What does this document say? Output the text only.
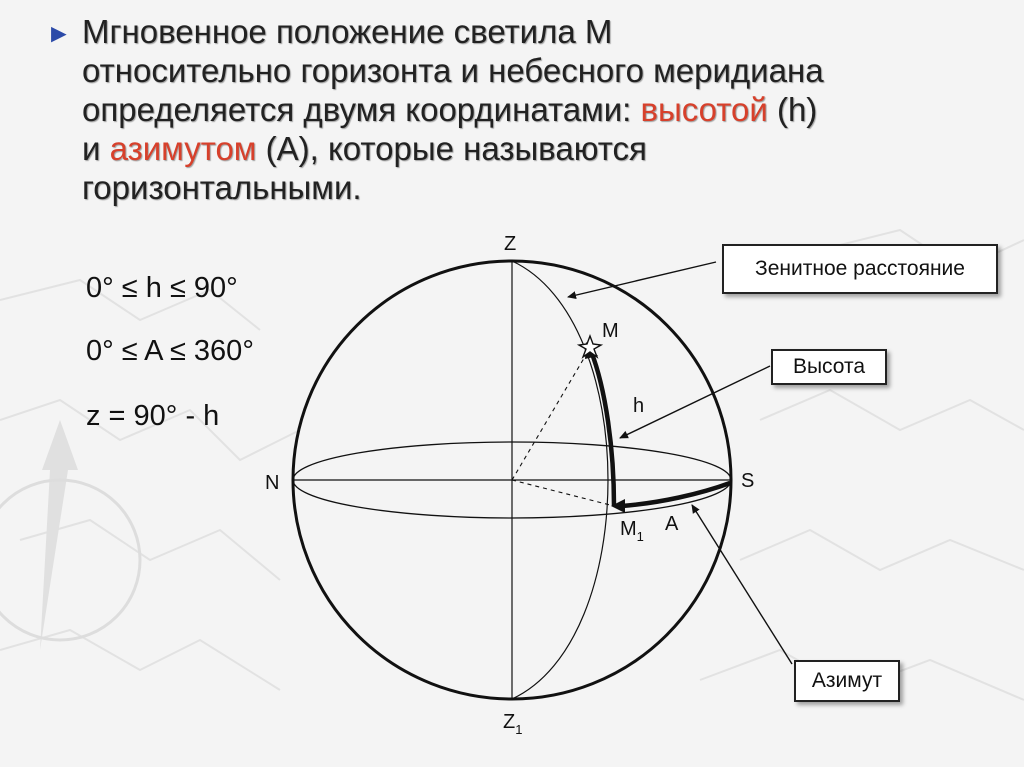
► Мгновенное положение светила М
относительно горизонта и небесного меридиана
определяется двумя координатами: высотой (h)
и азимутом (А), которые называются
горизонтальными.
0° ≤ h ≤ 90°
0° ≤ A ≤ 360°
z = 90° - h
Z
$Z_1$
N	S
M
h
$M_1$
A
Зенитное расстояние
Высота
Азимут
